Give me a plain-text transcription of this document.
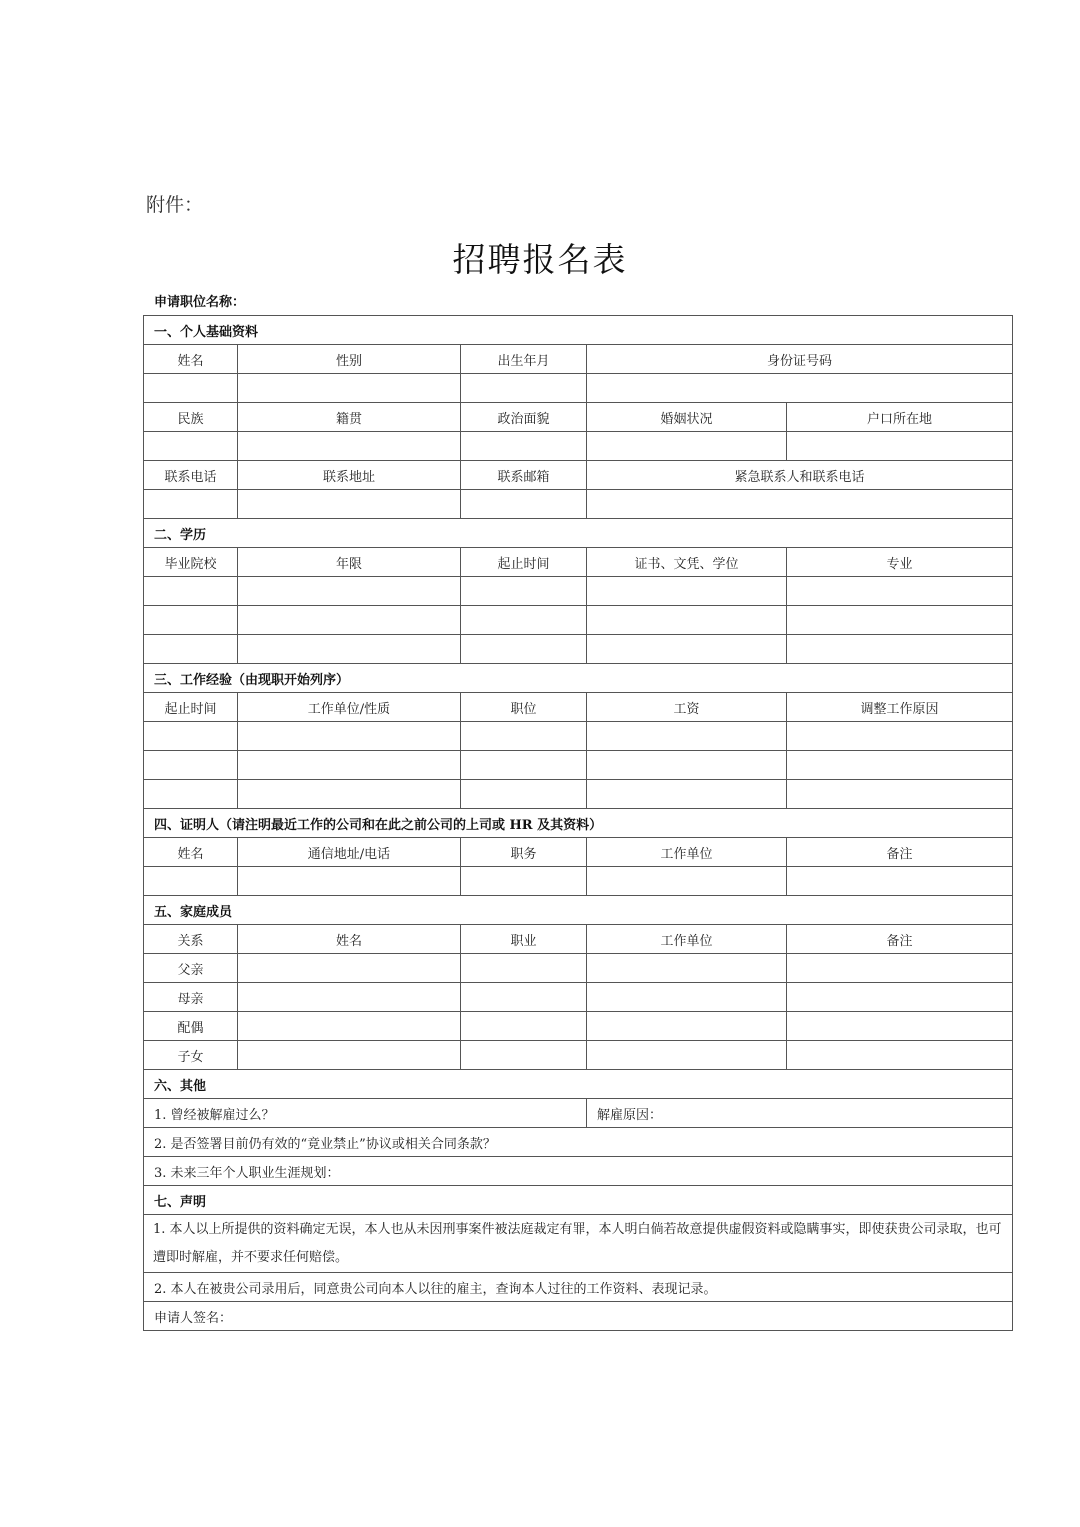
附件：
招聘报名表
申请职位名称：
一、个人基础资料				
姓名	性别	出生年月	身份证号码	

民族	籍贯	政治面貌	婚姻状况	户口所在地

联系电话	联系地址	联系邮箱	紧急联系人和联系电话	

二、学历				
毕业院校	年限	起止时间	证书、文凭、学位	专业

三、工作经验（由现职开始列序）				
起止时间	工作单位/性质	职位	工资	调整工作原因

四、证明人（请注明最近工作的公司和在此之前公司的上司或 HR 及其资料）				
姓名	通信地址/电话	职务	工作单位	备注

五、家庭成员				
关系	姓名	职业	工作单位	备注
父亲				
母亲				
配偶				
子女				
六、其他				
1. 曾经被解雇过么？			解雇原因：	
2. 是否签署目前仍有效的“竟业禁止”协议或相关合同条款？				
3. 未来三年个人职业生涯规划：				
七、声明				
1. 本人以上所提供的资料确定无误，本人也从未因刑事案件被法庭裁定有罪，本人明白倘若故意提供虚假资料或隐瞒事实，即使获贵公司录取，也可遭即时解雇，并不要求任何赔偿。				
2. 本人在被贵公司录用后，同意贵公司向本人以往的雇主，查询本人过往的工作资料、表现记录。				
申请人签名：				
